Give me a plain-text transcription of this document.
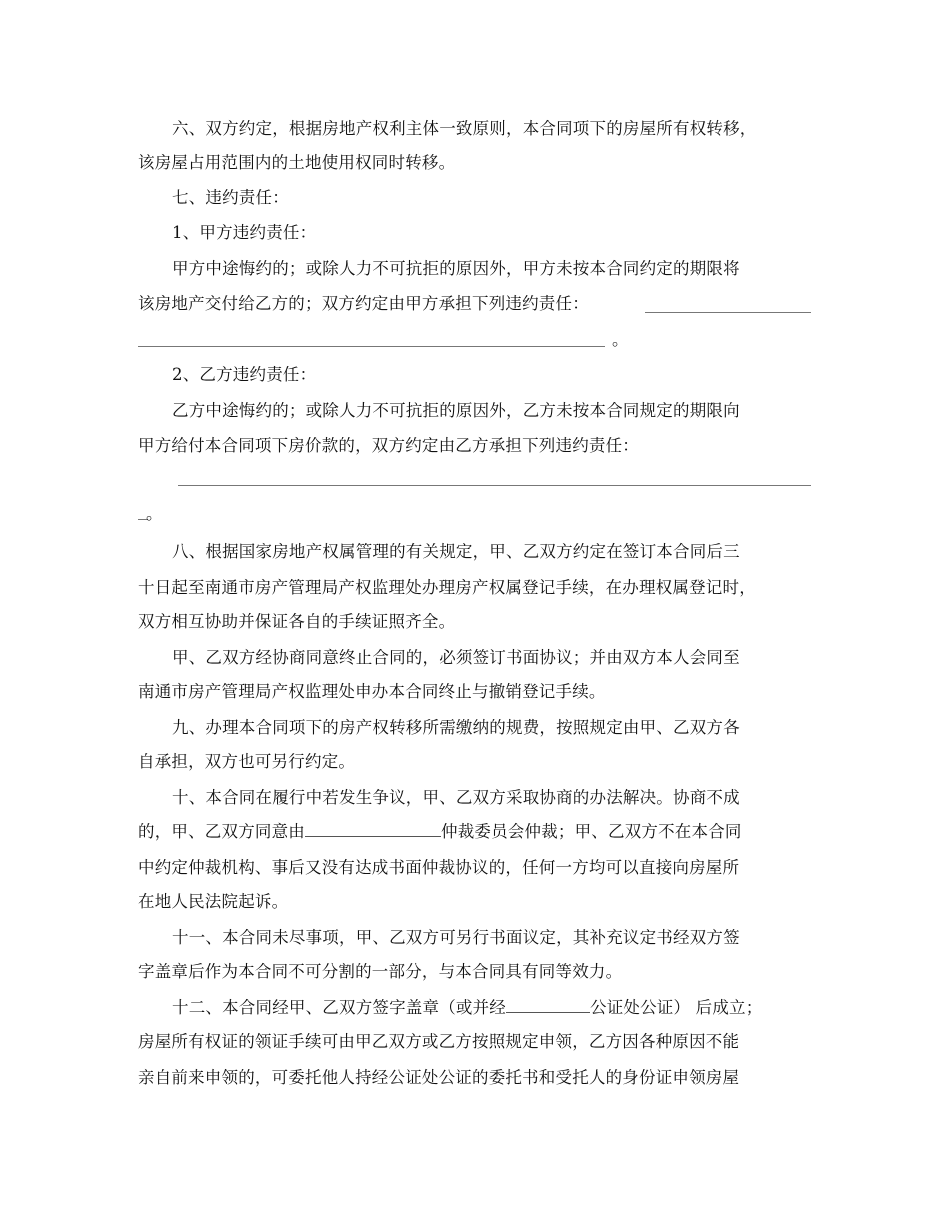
六、双方约定，根据房地产权利主体一致原则，本合同项下的房屋所有权转移，
该房屋占用范围内的土地使用权同时转移。
七、违约责任：
1、甲方违约责任：
甲方中途悔约的；或除人力不可抗拒的原因外，甲方未按本合同约定的期限将
该房地产交付给乙方的；双方约定由甲方承担下列违约责任：
。
2、乙方违约责任：
乙方中途悔约的；或除人力不可抗拒的原因外，乙方未按本合同规定的期限向
甲方给付本合同项下房价款的，双方约定由乙方承担下列违约责任：
。
八、根据国家房地产权属管理的有关规定，甲、乙双方约定在签订本合同后三
十日起至南通市房产管理局产权监理处办理房产权属登记手续，在办理权属登记时，
双方相互协助并保证各自的手续证照齐全。
甲、乙双方经协商同意终止合同的，必须签订书面协议；并由双方本人会同至
南通市房产管理局产权监理处申办本合同终止与撤销登记手续。
九、办理本合同项下的房产权转移所需缴纳的规费，按照规定由甲、乙双方各
自承担，双方也可另行约定。
十、本合同在履行中若发生争议，甲、乙双方采取协商的办法解决。协商不成
的，甲、乙双方同意由	仲裁委员会仲裁；甲、乙双方不在本合同
中约定仲裁机构、事后又没有达成书面仲裁协议的，任何一方均可以直接向房屋所
在地人民法院起诉。
十一、本合同未尽事项，甲、乙双方可另行书面议定，其补充议定书经双方签
字盖章后作为本合同不可分割的一部分，与本合同具有同等效力。
十二、本合同经甲、乙双方签字盖章（或并经	公证处公证） 后成立；
房屋所有权证的领证手续可由甲乙双方或乙方按照规定申领，乙方因各种原因不能
亲自前来申领的，可委托他人持经公证处公证的委托书和受托人的身份证申领房屋
